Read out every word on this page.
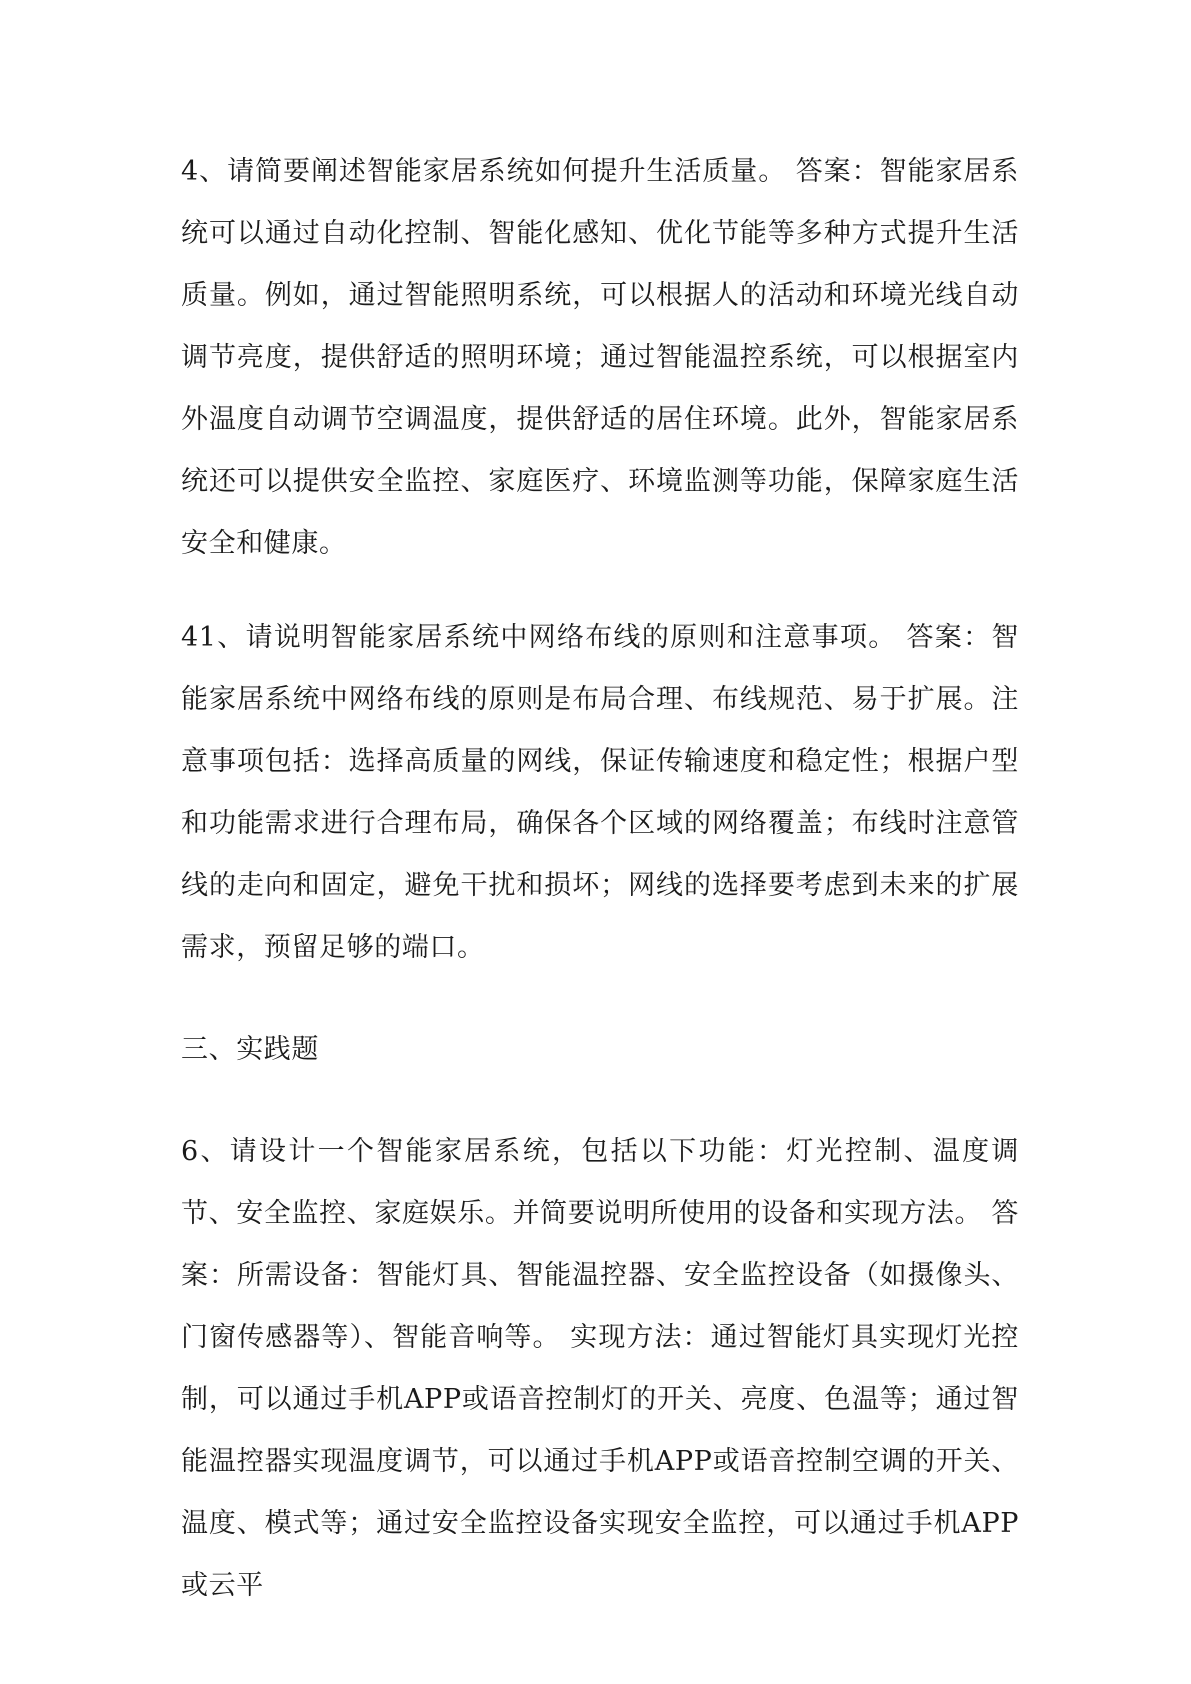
4、请简要阐述智能家居系统如何提升生活质量。 答案：智能家居系统可以通过自动化控制、智能化感知、优化节能等多种方式提升生活质量。例如，通过智能照明系统，可以根据人的活动和环境光线自动调节亮度，提供舒适的照明环境；通过智能温控系统，可以根据室内外温度自动调节空调温度，提供舒适的居住环境。此外，智能家居系统还可以提供安全监控、家庭医疗、环境监测等功能，保障家庭生活安全和健康。

41、请说明智能家居系统中网络布线的原则和注意事项。 答案：智能家居系统中网络布线的原则是布局合理、布线规范、易于扩展。注意事项包括：选择高质量的网线，保证传输速度和稳定性；根据户型和功能需求进行合理布局，确保各个区域的网络覆盖；布线时注意管线的走向和固定，避免干扰和损坏；网线的选择要考虑到未来的扩展需求，预留足够的端口。

三、实践题

6、请设计一个智能家居系统，包括以下功能：灯光控制、温度调节、安全监控、家庭娱乐。并简要说明所使用的设备和实现方法。 答案：所需设备：智能灯具、智能温控器、安全监控设备（如摄像头、门窗传感器等）、智能音响等。 实现方法：通过智能灯具实现灯光控制，可以通过手机APP或语音控制灯的开关、亮度、色温等；通过智能温控器实现温度调节，可以通过手机APP或语音控制空调的开关、温度、模式等；通过安全监控设备实现安全监控，可以通过手机APP或云平
